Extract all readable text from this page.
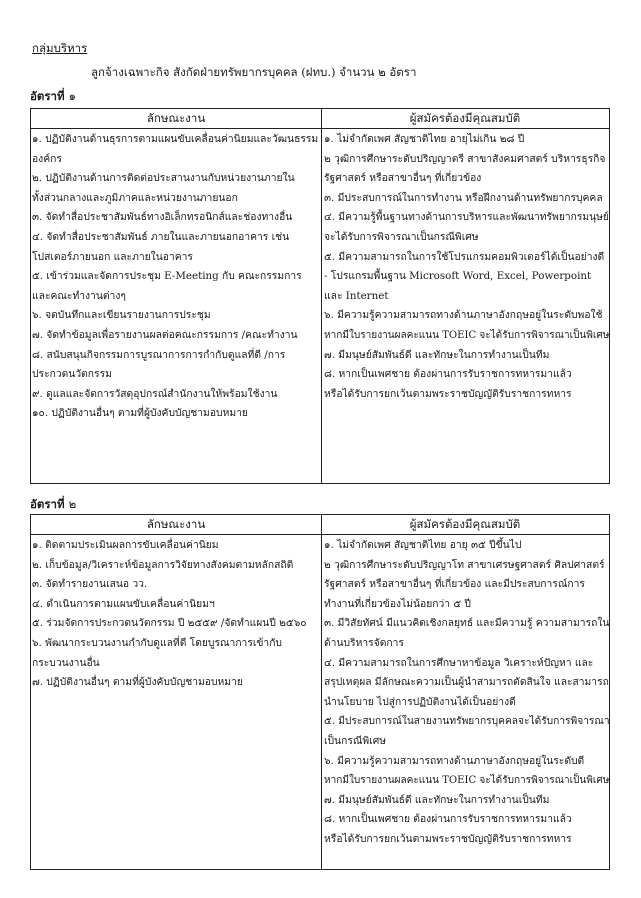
กลุ่มบริหาร
ลูกจ้างเฉพาะกิจ สังกัดฝ่ายทรัพยากรบุคคล (ฝทบ.) จำนวน ๒ อัตรา
อัตราที่ ๑
ลักษณะงาน	ผู้สมัครต้องมีคุณสมบัติ
๑. ปฏิบัติงานด้านธุรการตามแผนขับเคลื่อนค่านิยมและวัฒนธรรม
องค์กร
๒. ปฏิบัติงานด้านการติดต่อประสานงานกับหน่วยงานภายใน
ทั้งส่วนกลางและภูมิภาคและหน่วยงานภายนอก
๓. จัดทำสื่อประชาสัมพันธ์ทางอิเล็กทรอนิกส์และช่องทางอื่น
๔. จัดทำสื่อประชาสัมพันธ์ ภายในและภายนอกอาคาร เช่น
โปสเตอร์ภายนอก และภายในอาคาร
๕. เข้าร่วมและจัดการประชุม E-Meeting กับ คณะกรรมการ
และคณะทำงานต่างๆ
๖. จดบันทึกและเขียนรายงานการประชุม
๗. จัดทำข้อมูลเพื่อรายงานผลต่อคณะกรรมการ /คณะทำงาน
๘. สนับสนุนกิจกรรมการบูรณาการการกำกับดูแลที่ดี /การ
ประกวดนวัตกรรม
๙. ดูแลและจัดการวัสดุอุปกรณ์สำนักงานให้พร้อมใช้งาน
๑๐. ปฏิบัติงานอื่นๆ ตามที่ผู้บังคับบัญชามอบหมาย
๑. ไม่จำกัดเพศ สัญชาติไทย อายุไม่เกิน ๒๘ ปี
๒ วุฒิการศึกษาระดับปริญญาตรี สาขาสังคมศาสตร์ บริหารธุรกิจ
รัฐศาสตร์ หรือสาขาอื่นๆ ที่เกี่ยวข้อง
๓. มีประสบการณ์ในการทำงาน หรือฝึกงานด้านทรัพยากรบุคคล
๔. มีความรู้พื้นฐานทางด้านการบริหารและพัฒนาทรัพยากรมนุษย์
จะได้รับการพิจารณาเป็นกรณีพิเศษ
๕. มีความสามารถในการใช้โปรแกรมคอมพิวเตอร์ได้เป็นอย่างดี
- โปรแกรมพื้นฐาน Microsoft Word, Excel, Powerpoint
และ Internet
๖. มีความรู้ความสามารถทางด้านภาษาอังกฤษอยู่ในระดับพอใช้
หากมีใบรายงานผลคะแนน TOEIC จะได้รับการพิจารณาเป็นพิเศษ
๗. มีมนุษย์สัมพันธ์ดี และทักษะในการทำงานเป็นทีม
๘. หากเป็นเพศชาย ต้องผ่านการรับราชการทหารมาแล้ว
หรือได้รับการยกเว้นตามพระราชบัญญัติรับราชการทหาร
อัตราที่ ๒
ลักษณะงาน	ผู้สมัครต้องมีคุณสมบัติ
๑. ติดตามประเมินผลการขับเคลื่อนค่านิยม
๒. เก็บข้อมูล/วิเคราะห์ข้อมูลการวิจัยทางสังคมตามหลักสถิติ
๓. จัดทำรายงานเสนอ วว.
๔. ดำเนินการตามแผนขับเคลื่อนค่านิยมฯ
๕. ร่วมจัดการประกวดนวัตกรรม ปี ๒๕๕๙ /จัดทำแผนปี ๒๕๖๐
๖. พัฒนากระบวนงานกำกับดูแลที่ดี โดยบูรณาการเข้ากับ
กระบวนงานอื่น
๗. ปฏิบัติงานอื่นๆ ตามที่ผู้บังคับบัญชามอบหมาย
๑. ไม่จำกัดเพศ สัญชาติไทย อายุ ๓๕ ปีขึ้นไป
๒ วุฒิการศึกษาระดับปริญญาโท สาขาเศรษฐศาสตร์ ศิลปศาสตร์
รัฐศาสตร์ หรือสาขาอื่นๆ ที่เกี่ยวข้อง และมีประสบการณ์การ
ทำงานที่เกี่ยวข้องไม่น้อยกว่า ๕ ปี
๓. มีวิสัยทัศน์ มีแนวคิดเชิงกลยุทธ์ และมีความรู้ ความสามารถใน
ด้านบริหารจัดการ
๔. มีความสามารถในการศึกษาหาข้อมูล วิเคราะห์ปัญหา และ
สรุปเหตุผล มีลักษณะความเป็นผู้นำสามารถตัดสินใจ และสามารถ
นำนโยบาย ไปสู่การปฏิบัติงานได้เป็นอย่างดี
๕. มีประสบการณ์ในสายงานทรัพยากรบุคคลจะได้รับการพิจารณา
เป็นกรณีพิเศษ
๖. มีความรู้ความสามารถทางด้านภาษาอังกฤษอยู่ในระดับดี
หากมีใบรายงานผลคะแนน TOEIC จะได้รับการพิจารณาเป็นพิเศษ
๗. มีมนุษย์สัมพันธ์ดี และทักษะในการทำงานเป็นทีม
๘. หากเป็นเพศชาย ต้องผ่านการรับราชการทหารมาแล้ว
หรือได้รับการยกเว้นตามพระราชบัญญัติรับราชการทหาร
